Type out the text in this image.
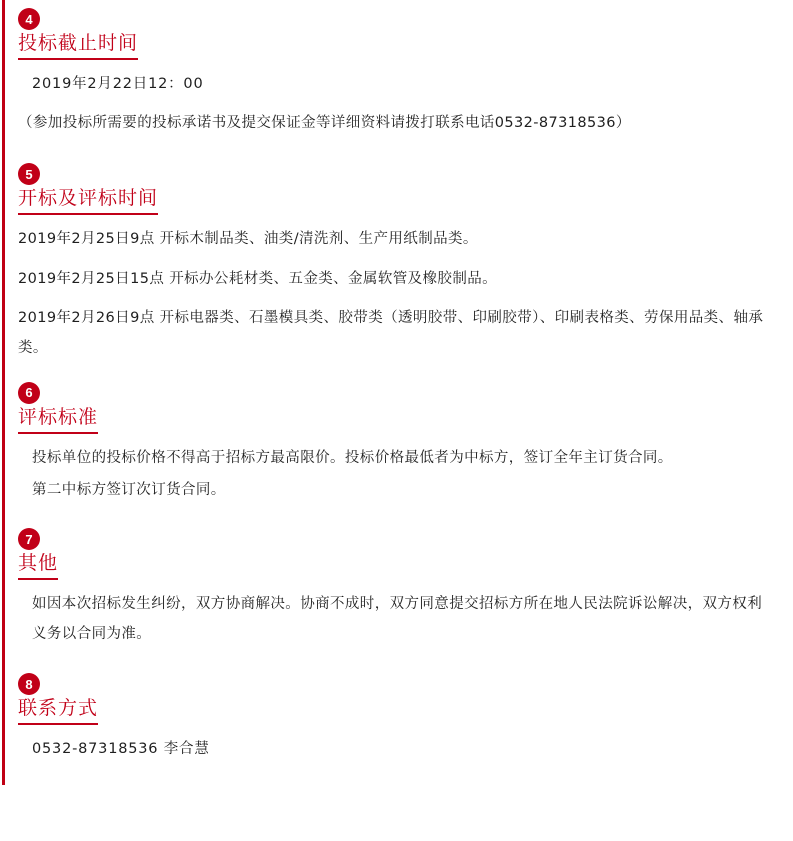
4
投标截止时间

2019年2月22日12：00

（参加投标所需要的投标承诺书及提交保证金等详细资料请拨打联系电话0532-87318536）

5
开标及评标时间

2019年2月25日9点 开标木制品类、油类/清洗剂、生产用纸制品类。

2019年2月25日15点 开标办公耗材类、五金类、金属软管及橡胶制品。

2019年2月26日9点 开标电器类、石墨模具类、胶带类（透明胶带、印刷胶带）、印刷表格类、劳保用品类、轴承类。

6
评标标准

投标单位的投标价格不得高于招标方最高限价。投标价格最低者为中标方，签订全年主订货合同。

第二中标方签订次订货合同。

7
其他

如因本次招标发生纠纷，双方协商解决。协商不成时，双方同意提交招标方所在地人民法院诉讼解决，双方权利义务以合同为准。

8
联系方式

0532-87318536 李合慧
